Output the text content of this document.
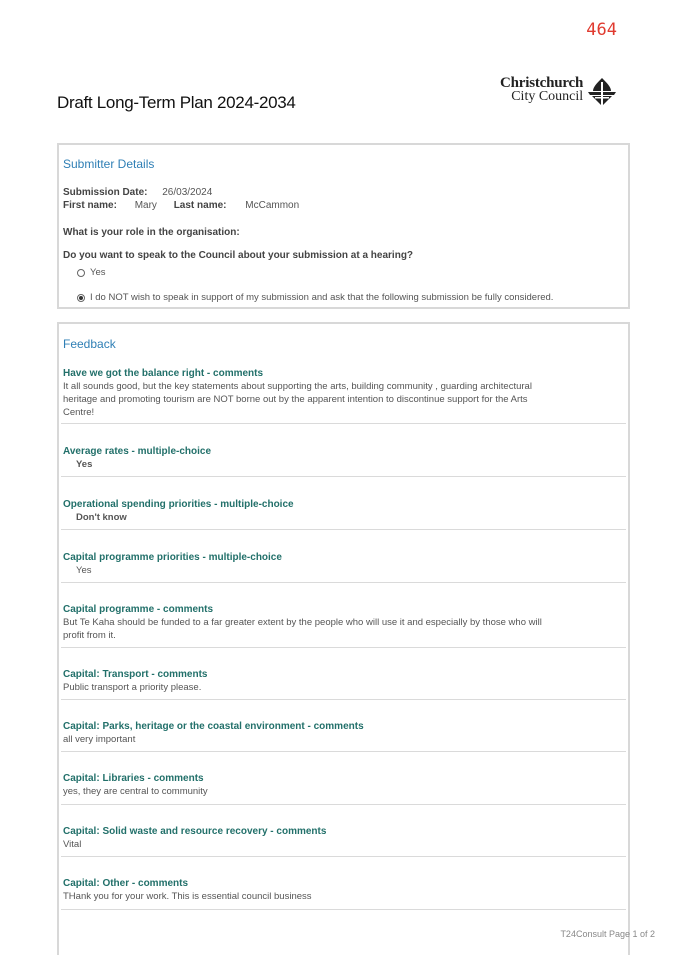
464
Draft Long-Term Plan 2024-2034
Christchurch
City Council
Submitter Details
Submission Date: 26/03/2024
First name: Mary Last name: McCammon
What is your role in the organisation:
Do you want to speak to the Council about your submission at a hearing?
Yes
I do NOT wish to speak in support of my submission and ask that the following submission be fully considered.
Feedback
Have we got the balance right - comments
It all sounds good, but the key statements about supporting the arts, building community , guarding architectural heritage and promoting tourism are NOT borne out by the apparent intention to discontinue support for the Arts Centre!
Average rates - multiple-choice
Yes
Operational spending priorities - multiple-choice
Don't know
Capital programme priorities - multiple-choice
Yes
Capital programme - comments
But Te Kaha should be funded to a far greater extent by the people who will use it and especially by those who will profit from it.
Capital: Transport - comments
Public transport a priority please.
Capital: Parks, heritage or the coastal environment - comments
all very important
Capital: Libraries - comments
yes, they are central to community
Capital: Solid waste and resource recovery - comments
Vital
Capital: Other - comments
THank you for your work. This is essential council business
T24Consult Page 1 of 2
